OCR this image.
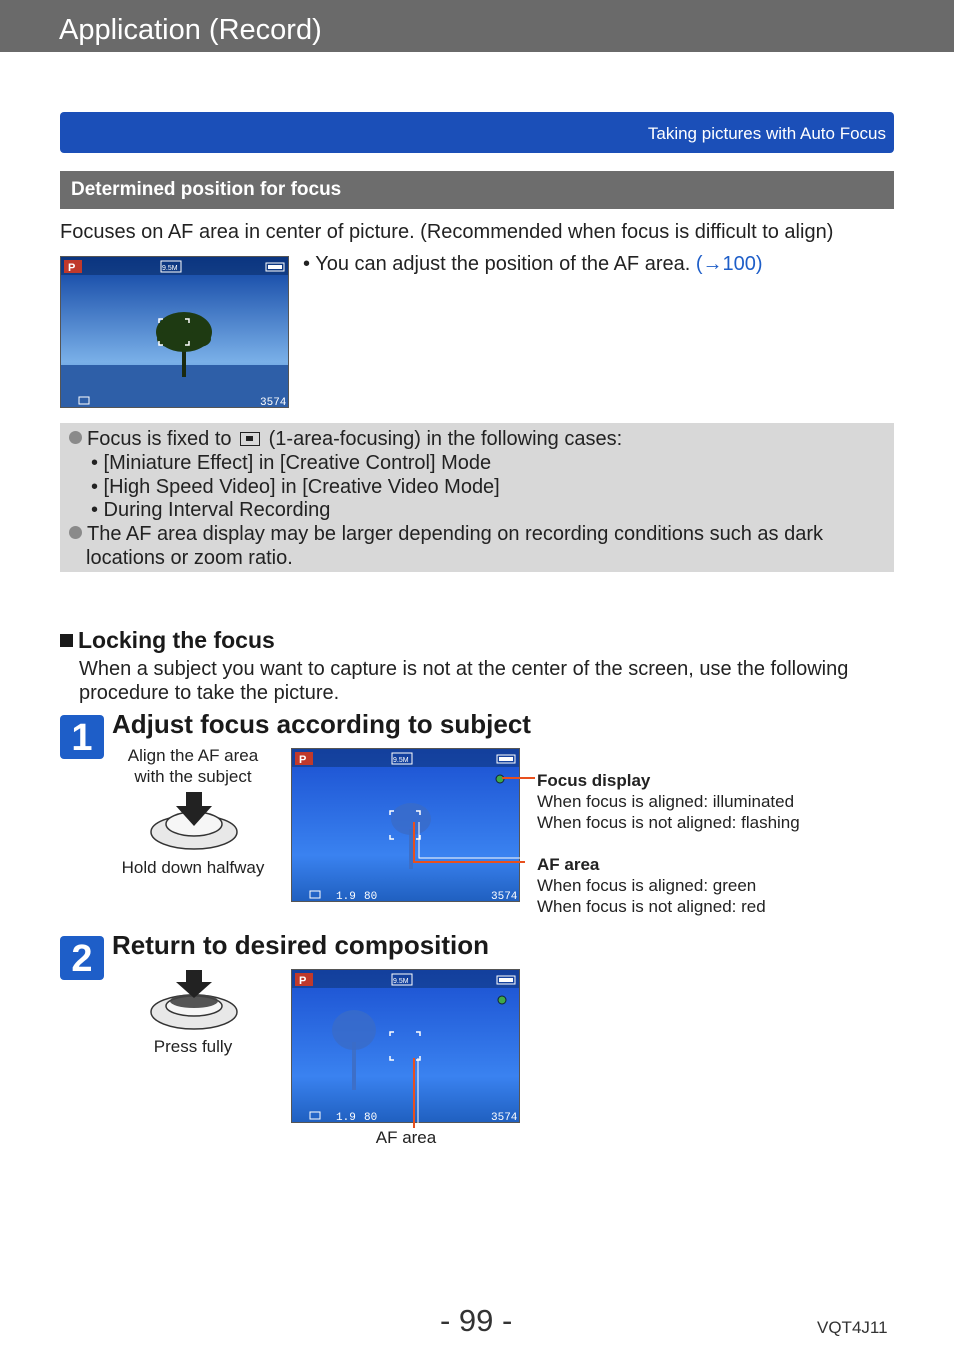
Application (Record)
Taking pictures with Auto Focus
Determined position for focus
Focuses on AF area in center of picture. (Recommended when focus is difficult to align)
P	9.5M
3574
• You can adjust the position of the AF area. (→100)
Focus is fixed to (1-area-focusing) in the following cases:
• [Miniature Effect] in [Creative Control] Mode
• [High Speed Video] in [Creative Video Mode]
• During Interval Recording
The AF area display may be larger depending on recording conditions such as dark
locations or zoom ratio.
Locking the focus
When a subject you want to capture is not at the center of the screen, use the following
procedure to take the picture.
1 Adjust focus according to subject
Align the AF area
with the subject
Hold down halfway
P	9.5M
1.9 80	3574
Focus display
When focus is aligned: illuminated
When focus is not aligned: flashing
AF area
When focus is aligned: green
When focus is not aligned: red
2 Return to desired composition
Press fully
P	9.5M
1.9 80	3574
AF area
- 99 -	VQT4J11
